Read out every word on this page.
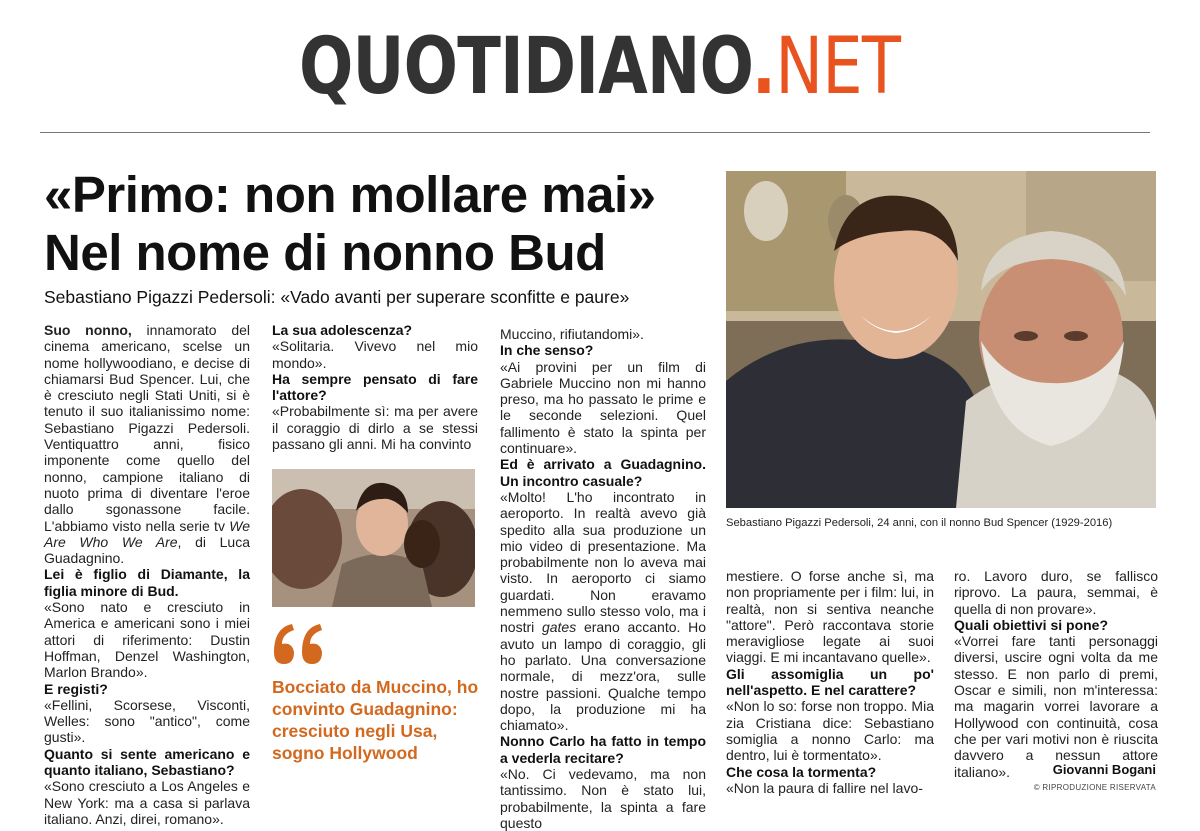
QUOTIDIANO.NET
«Primo: non mollare mai»
Nel nome di nonno Bud
Sebastiano Pigazzi Pedersoli: «Vado avanti per superare sconfitte e paure»
Sebastiano Pigazzi Pedersoli, 24 anni, con il nonno Bud Spencer (1929-2016)

Suo nonno, innamorato del cinema americano, scelse un nome hollywoodiano, e decise di chiamarsi Bud Spencer. Lui, che è cresciuto negli Stati Uniti, si è tenuto il suo italianissimo nome: Sebastiano Pigazzi Pedersoli. Ventiquattro anni, fisico imponente come quello del nonno, campione italiano di nuoto prima di diventare l'eroe dallo sgonassone facile. L'abbiamo visto nella serie tv We Are Who We Are, di Luca Guadagnino.

Lei è figlio di Diamante, la figlia minore di Bud.

«Sono nato e cresciuto in America e americani sono i miei attori di riferimento: Dustin Hoffman, Denzel Washington, Marlon Brando».

E registi?

«Fellini, Scorsese, Visconti, Welles: sono "antico", come gusti».

Quanto si sente americano e quanto italiano, Sebastiano?

«Sono cresciuto a Los Angeles e New York: ma a casa si parlava italiano. Anzi, direi, romano».

La sua adolescenza?

«Solitaria. Vivevo nel mio mondo».

Ha sempre pensato di fare l'attore?

«Probabilmente sì: ma per avere il coraggio di dirlo a se stessi passano gli anni. Mi ha convinto

Bocciato da Muccino, ho convinto Guadagnino: cresciuto negli Usa, sogno Hollywood

Muccino, rifiutandomi».

In che senso?

«Ai provini per un film di Gabriele Muccino non mi hanno preso, ma ho passato le prime e le seconde selezioni. Quel fallimento è stato la spinta per continuare».

Ed è arrivato a Guadagnino. Un incontro casuale?

«Molto! L'ho incontrato in aeroporto. In realtà avevo già spedito alla sua produzione un mio video di presentazione. Ma probabilmente non lo aveva mai visto. In aeroporto ci siamo guardati. Non eravamo nemmeno sullo stesso volo, ma i nostri gates erano accanto. Ho avuto un lampo di coraggio, gli ho parlato. Una conversazione normale, di mezz'ora, sulle nostre passioni. Qualche tempo dopo, la produzione mi ha chiamato».

Nonno Carlo ha fatto in tempo a vederla recitare?

«No. Ci vedevamo, ma non tantissimo. Non è stato lui, probabilmente, la spinta a fare questo

mestiere. O forse anche sì, ma non propriamente per i film: lui, in realtà, non si sentiva neanche "attore". Però raccontava storie meravigliose legate ai suoi viaggi. E mi incantavano quelle».

Gli assomiglia un po' nell'aspetto. E nel carattere?

«Non lo so: forse non troppo. Mia zia Cristiana dice: Sebastiano somiglia a nonno Carlo: ma dentro, lui è tormentato».

Che cosa la tormenta?

«Non la paura di fallire nel lavo-

ro. Lavoro duro, se fallisco riprovo. La paura, semmai, è quella di non provare».

Quali obiettivi si pone?

«Vorrei fare tanti personaggi diversi, uscire ogni volta da me stesso. E non parlo di premi, Oscar e simili, non m'interessa: ma magarin vorrei lavorare a Hollywood con continuità, cosa che per vari motivi non è riuscita davvero a nessun attore italiano».	Giovanni Bogani
© RIPRODUZIONE RISERVATA
